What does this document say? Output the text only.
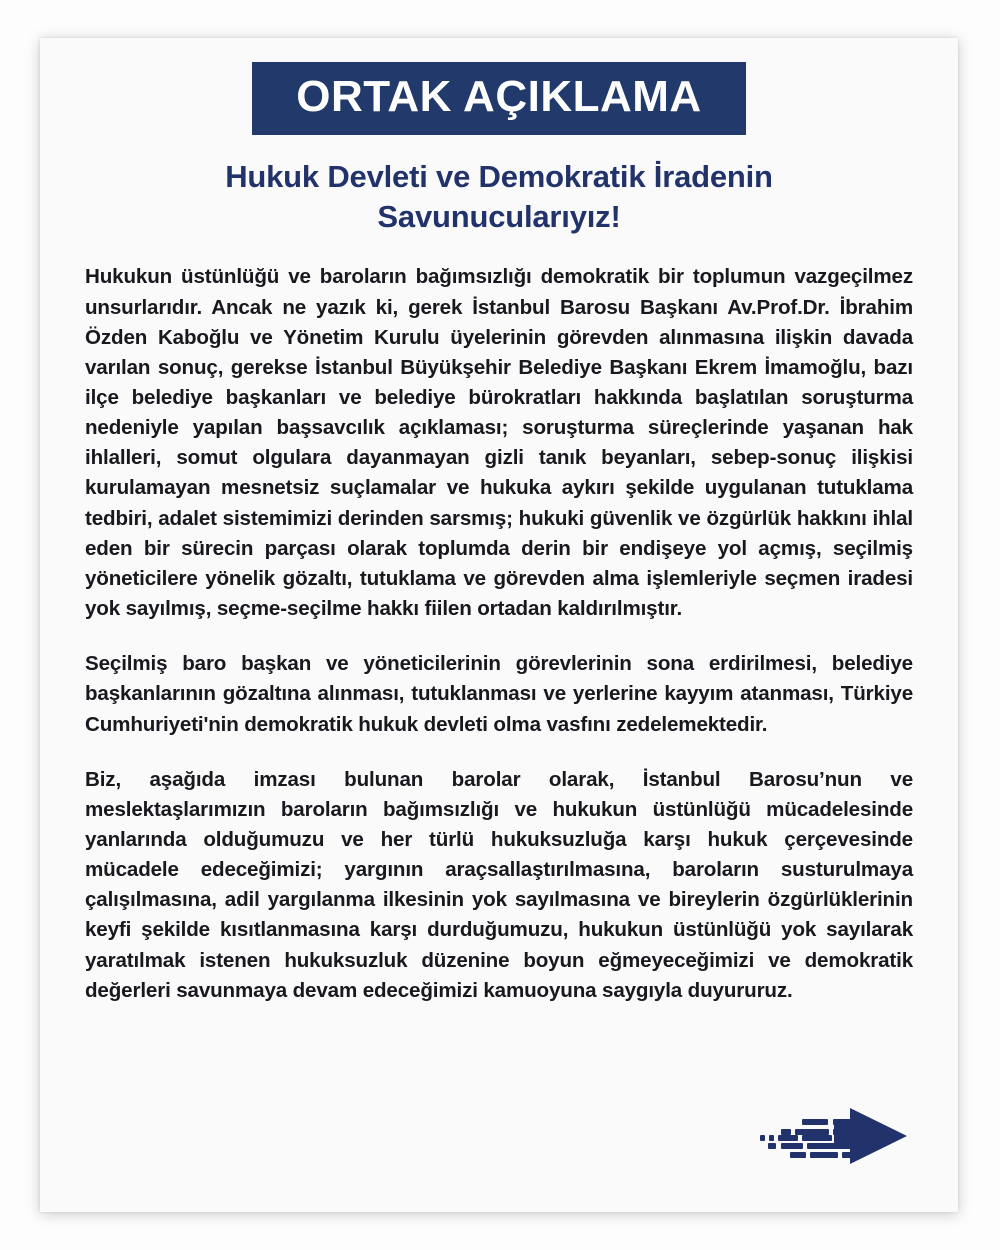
ORTAK AÇIKLAMA
Hukuk Devleti ve Demokratik İradenin Savunucularıyız!

Hukukun üstünlüğü ve baroların bağımsızlığı demokratik bir toplumun vazgeçilmez unsurlarıdır. Ancak ne yazık ki, gerek İstanbul Barosu Başkanı Av.Prof.Dr. İbrahim Özden Kaboğlu ve Yönetim Kurulu üyelerinin görevden alınmasına ilişkin davada varılan sonuç, gerekse İstanbul Büyükşehir Belediye Başkanı Ekrem İmamoğlu, bazı ilçe belediye başkanları ve belediye bürokratları hakkında başlatılan soruşturma nedeniyle yapılan başsavcılık açıklaması; soruşturma süreçlerinde yaşanan hak ihlalleri, somut olgulara dayanmayan gizli tanık beyanları, sebep-sonuç ilişkisi kurulamayan mesnetsiz suçlamalar ve hukuka aykırı şekilde uygulanan tutuklama tedbiri, adalet sistemimizi derinden sarsmış; hukuki güvenlik ve özgürlük hakkını ihlal eden bir sürecin parçası olarak toplumda derin bir endişeye yol açmış, seçilmiş yöneticilere yönelik gözaltı, tutuklama ve görevden alma işlemleriyle seçmen iradesi yok sayılmış, seçme-seçilme hakkı fiilen ortadan kaldırılmıştır.

Seçilmiş baro başkan ve yöneticilerinin görevlerinin sona erdirilmesi, belediye başkanlarının gözaltına alınması, tutuklanması ve yerlerine kayyım atanması, Türkiye Cumhuriyeti'nin demokratik hukuk devleti olma vasfını zedelemektedir.

Biz, aşağıda imzası bulunan barolar olarak, İstanbul Barosu’nun ve meslektaşlarımızın baroların bağımsızlığı ve hukukun üstünlüğü mücadelesinde yanlarında olduğumuzu ve her türlü hukuksuzluğa karşı hukuk çerçevesinde mücadele edeceğimizi; yargının araçsallaştırılmasına, baroların susturulmaya çalışılmasına, adil yargılanma ilkesinin yok sayılmasına ve bireylerin özgürlüklerinin keyfi şekilde kısıtlanmasına karşı durduğumuzu, hukukun üstünlüğü yok sayılarak yaratılmak istenen hukuksuzluk düzenine boyun eğmeyeceğimizi ve demokratik değerleri savunmaya devam edeceğimizi kamuoyuna saygıyla duyururuz.
